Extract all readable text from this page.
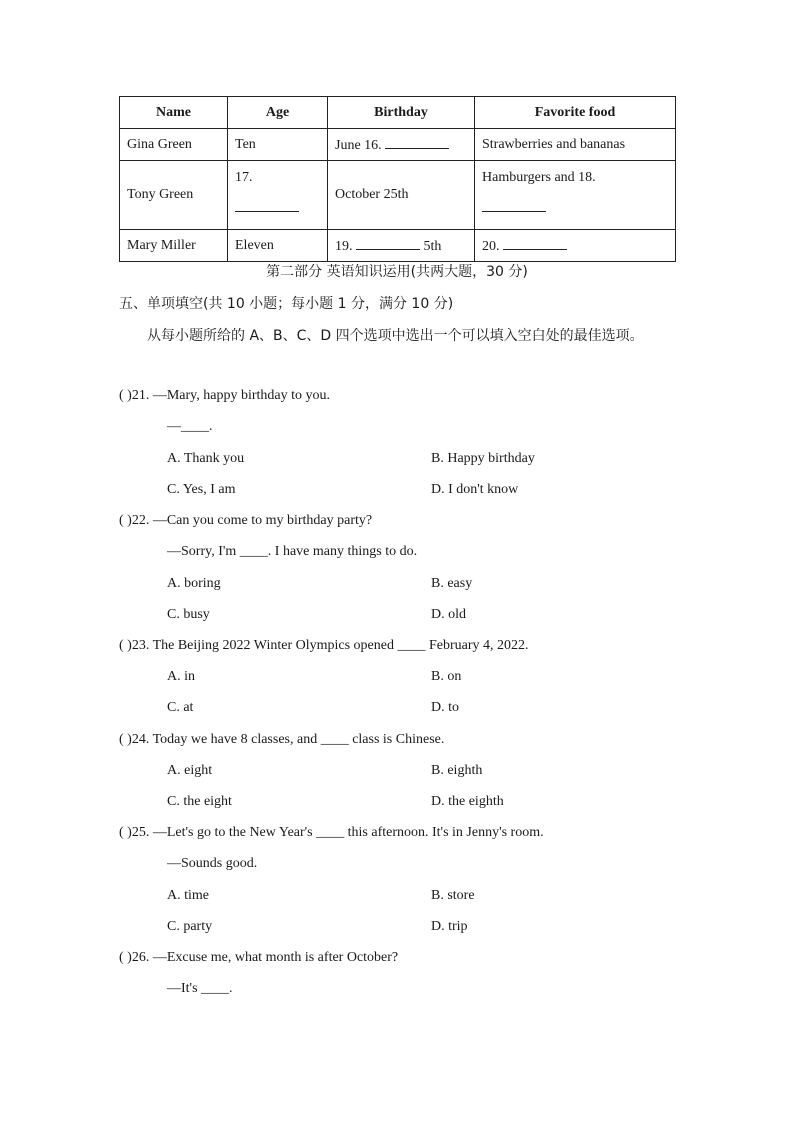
Name	Age	Birthday	Favorite food
Gina Green	Ten	June 16.	Strawberries and bananas
Tony Green	17.	October 25th	Hamburgers and 18.

Mary Miller	Eleven	19. 5th	20.
第二部分 英语知识运用(共两大题，30 分)
五、单项填空(共 10 小题；每小题 1 分，满分 10 分)
从每小题所给的 A、B、C、D 四个选项中选出一个可以填入空白处的最佳选项。
( )21. —Mary, happy birthday to you.
—____.
A. Thank you	B. Happy birthday
C. Yes, I am	D. I don't know
( )22. —Can you come to my birthday party?
—Sorry, I'm ____. I have many things to do.
A. boring	B. easy
C. busy	D. old
( )23. The Beijing 2022 Winter Olympics opened ____ February 4, 2022.
A. in	B. on
C. at	D. to
( )24. Today we have 8 classes, and ____ class is Chinese.
A. eight	B. eighth
C. the eight	D. the eighth
( )25. —Let's go to the New Year's ____ this afternoon. It's in Jenny's room.
—Sounds good.
A. time	B. store
C. party	D. trip
( )26. —Excuse me, what month is after October?
—It's ____.
